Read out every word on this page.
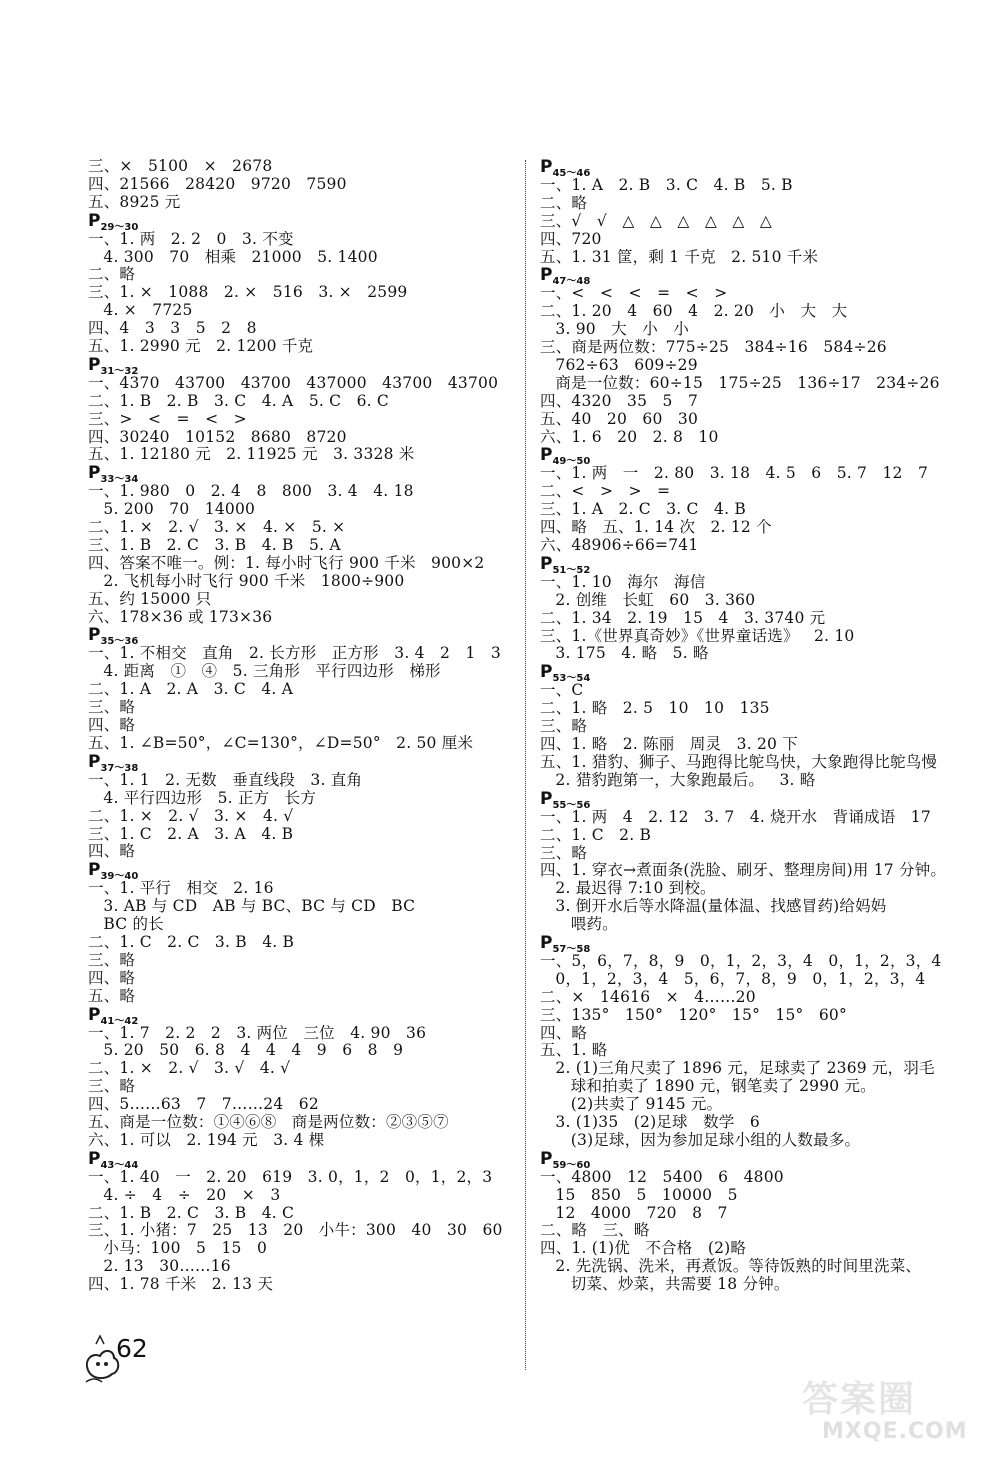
三、×   5100   ×   2678
四、21566   28420   9720   7590
五、8925 元
$P_{29\sim 30}$
一、1. 两   2. 2   0   3. 不变
4. 300   70   相乘   21000   5. 1400
二、略
三、1. ×   1088   2. ×   516   3. ×   2599
4. ×   7725
四、4   3   3   5   2   8
五、1. 2990 元   2. 1200 千克
$P_{31\sim 32}$
一、4370   43700   43700   437000   43700   43700
二、1. B   2. B   3. C   4. A   5. C   6. C
三、>   <   =   <   >
四、30240   10152   8680   8720
五、1. 12180 元   2. 11925 元   3. 3328 米
$P_{33\sim 34}$
一、1. 980   0   2. 4   8   800   3. 4   4. 18
5. 200   70   14000
二、1. ×   2. √   3. ×   4. ×   5. ×
三、1. B   2. C   3. B   4. B   5. A
四、答案不唯一。例：1. 每小时飞行 900 千米   900×2
2. 飞机每小时飞行 900 千米   1800÷900
五、约 15000 只
六、178×36 或 173×36
$P_{35\sim 36}$
一、1. 不相交   直角   2. 长方形   正方形   3. 4   2   1   3
4. 距离   ①   ④   5. 三角形   平行四边形   梯形
二、1. A   2. A   3. C   4. A
三、略
四、略
五、1. ∠B=50°，∠C=130°，∠D=50°   2. 50 厘米
$P_{37\sim 38}$
一、1. 1   2. 无数   垂直线段   3. 直角
4. 平行四边形   5. 正方   长方
二、1. ×   2. √   3. ×   4. √
三、1. C   2. A   3. A   4. B
四、略
$P_{39\sim 40}$
一、1. 平行   相交   2. 16
3. AB 与 CD   AB 与 BC、BC 与 CD   BC
BC 的长
二、1. C   2. C   3. B   4. B
三、略
四、略
五、略
$P_{41\sim 42}$
一、1. 7   2. 2   2   3. 两位   三位   4. 90   36
5. 20   50   6. 8   4   4   4   9   6   8   9
二、1. ×   2. √   3. √   4. √
三、略
四、5……63   7   7……24   62
五、商是一位数：①④⑥⑧   商是两位数：②③⑤⑦
六、1. 可以   2. 194 元   3. 4 棵
$P_{43\sim 44}$
一、1. 40   一   2. 20   619   3. 0，1，2   0，1，2，3
4. ÷   4   ÷   20   ×   3
二、1. B   2. C   3. B   4. C
三、1. 小猪：7   25   13   20   小牛：300   40   30   60
小马：100   5   15   0
2. 13   30……16
四、1. 78 千米   2. 13 天
$P_{45\sim 46}$
一、1. A   2. B   3. C   4. B   5. B
二、略
三、√   √   △   △   △   △   △   △
四、720
五、1. 31 筐，剩 1 千克   2. 510 千米
$P_{47\sim 48}$
一、<   <   <   =   <   >
二、1. 20   4   60   4   2. 20   小   大   大
3. 90   大   小   小
三、商是两位数：775÷25   384÷16   584÷26
762÷63   609÷29
商是一位数：60÷15   175÷25   136÷17   234÷26
四、4320   35   5   7
五、40   20   60   30
六、1. 6   20   2. 8   10
$P_{49\sim 50}$
一、1. 两   一   2. 80   3. 18   4. 5   6   5. 7   12   7
二、<   >   >   =
三、1. A   2. C   3. C   4. B
四、略   五、1. 14 次   2. 12 个
六、48906÷66=741
$P_{51\sim 52}$
一、1. 10   海尔   海信
2. 创维   长虹   60   3. 360
二、1. 34   2. 19   15   4   3. 3740 元
三、1.《世界真奇妙》《世界童话选》   2. 10
3. 175   4. 略   5. 略
$P_{53\sim 54}$
一、C
二、1. 略   2. 5   10   10   135
三、略
四、1. 略   2. 陈丽   周灵   3. 20 下
五、1. 猎豹、狮子、马跑得比鸵鸟快，大象跑得比鸵鸟慢
2. 猎豹跑第一，大象跑最后。   3. 略
$P_{55\sim 56}$
一、1. 两   4   2. 12   3. 7   4. 烧开水   背诵成语   17
二、1. C   2. B
三、略
四、1. 穿衣→煮面条(洗脸、刷牙、整理房间)用 17 分钟。
2. 最迟得 7:10 到校。
3. 倒开水后等水降温(量体温、找感冒药)给妈妈
喂药。
$P_{57\sim 58}$
一、5，6，7，8，9   0，1，2，3，4   0，1，2，3，4
0，1，2，3，4   5，6，7，8，9   0，1，2，3，4
二、×   14616   ×   4……20
三、135°   150°   120°   15°   15°   60°
四、略
五、1. 略
2. (1)三角尺卖了 1896 元，足球卖了 2369 元，羽毛
球和拍卖了 1890 元，钢笔卖了 2990 元。
(2)共卖了 9145 元。
3. (1)35   (2)足球   数学   6
(3)足球，因为参加足球小组的人数最多。
$P_{59\sim 60}$
一、4800   12   5400   6   4800
15   850   5   10000   5
12   4000   720   8   7
二、略   三、略
四、1. (1)优   不合格   (2)略
2. 先洗锅、洗米，再煮饭。等待饭熟的时间里洗菜、
切菜、炒菜，共需要 18 分钟。
62
答案圈
MXQE.COM
